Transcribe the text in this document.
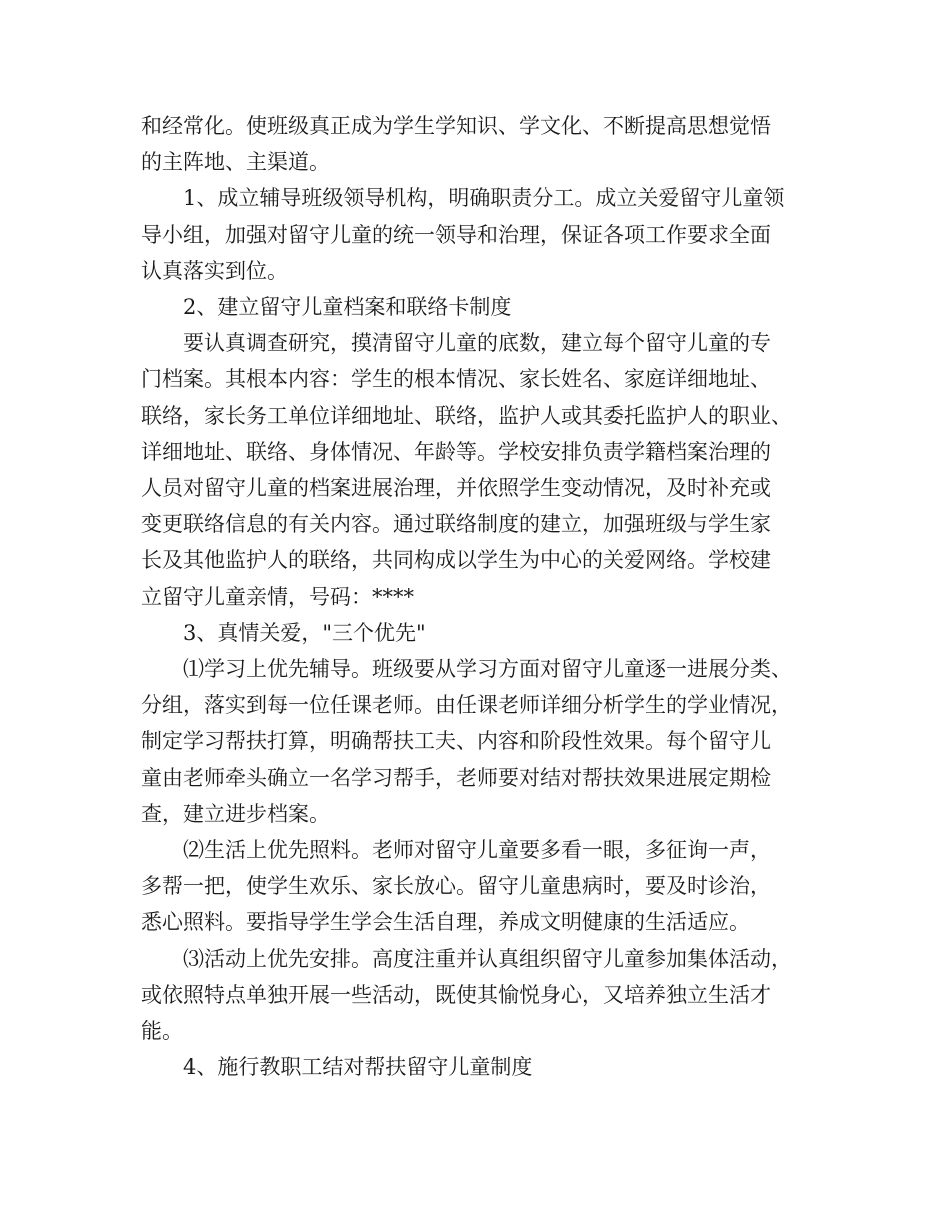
和经常化。使班级真正成为学生学知识、学文化、不断提高思想觉悟
的主阵地、主渠道。
1、成立辅导班级领导机构，明确职责分工。成立关爱留守儿童领
导小组，加强对留守儿童的统一领导和治理，保证各项工作要求全面
认真落实到位。
2、建立留守儿童档案和联络卡制度
要认真调查研究，摸清留守儿童的底数，建立每个留守儿童的专
门档案。其根本内容：学生的根本情况、家长姓名、家庭详细地址、
联络，家长务工单位详细地址、联络，监护人或其委托监护人的职业、
详细地址、联络、身体情况、年龄等。学校安排负责学籍档案治理的
人员对留守儿童的档案进展治理，并依照学生变动情况，及时补充或
变更联络信息的有关内容。通过联络制度的建立，加强班级与学生家
长及其他监护人的联络，共同构成以学生为中心的关爱网络。学校建
立留守儿童亲情，号码：****
3、真情关爱，"三个优先"
⑴学习上优先辅导。班级要从学习方面对留守儿童逐一进展分类、
分组，落实到每一位任课老师。由任课老师详细分析学生的学业情况，
制定学习帮扶打算，明确帮扶工夫、内容和阶段性效果。每个留守儿
童由老师牵头确立一名学习帮手，老师要对结对帮扶效果进展定期检
查，建立进步档案。
⑵生活上优先照料。老师对留守儿童要多看一眼，多征询一声，
多帮一把，使学生欢乐、家长放心。留守儿童患病时，要及时诊治，
悉心照料。要指导学生学会生活自理，养成文明健康的生活适应。
⑶活动上优先安排。高度注重并认真组织留守儿童参加集体活动，
或依照特点单独开展一些活动，既使其愉悦身心，又培养独立生活才
能。
4、施行教职工结对帮扶留守儿童制度
